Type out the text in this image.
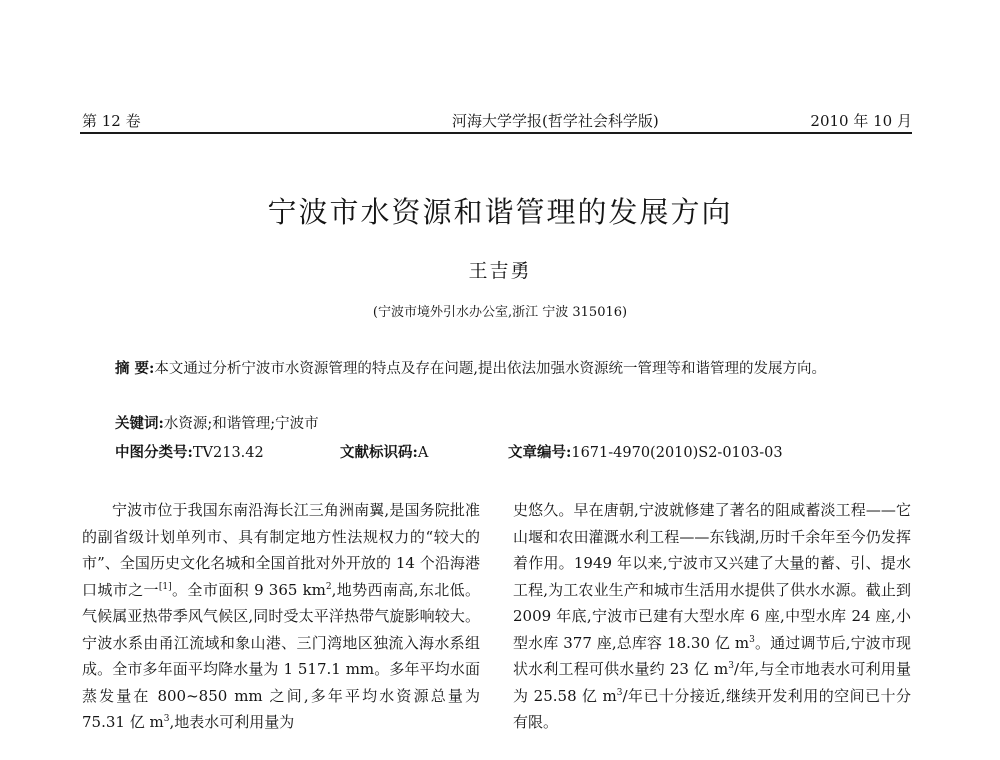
第 12 卷	河海大学学报(哲学社会科学版)	2010 年 10 月
宁波市水资源和谐管理的发展方向
王吉勇
(宁波市境外引水办公室,浙江 宁波 315016)
摘 要:本文通过分析宁波市水资源管理的特点及存在问题,提出依法加强水资源统一管理等和谐管理的发展方向。
关键词:水资源;和谐管理;宁波市
中图分类号:TV213.42	文献标识码:A	文章编号:1671-4970(2010)S2-0103-03

宁波市位于我国东南沿海长江三角洲南翼,是国务院批准的副省级计划单列市、具有制定地方性法规权力的“较大的市”、全国历史文化名城和全国首批对外开放的 14 个沿海港口城市之一[1]。全市面积 9 365 $km^2$,地势西南高,东北低。气候属亚热带季风气候区,同时受太平洋热带气旋影响较大。宁波水系由甬江流域和象山港、三门湾地区独流入海水系组成。全市多年面平均降水量为 1 517.1 mm。多年平均水面蒸发量在 800~850 mm 之间,多年平均水资源总量为 75.31 亿 $m^3$,地表水可利用量为

史悠久。早在唐朝,宁波就修建了著名的阻咸蓄淡工程——它山堰和农田灌溉水利工程——东钱湖,历时千余年至今仍发挥着作用。1949 年以来,宁波市又兴建了大量的蓄、引、提水工程,为工农业生产和城市生活用水提供了供水水源。截止到 2009 年底,宁波市已建有大型水库 6 座,中型水库 24 座,小型水库 377 座,总库容 18.30 亿 $m^3$。通过调节后,宁波市现状水利工程可供水量约 23 亿 $m^3/$年,与全市地表水可利用量为 25.58 亿 $m^3/$年已十分接近,继续开发利用的空间已十分有限。
